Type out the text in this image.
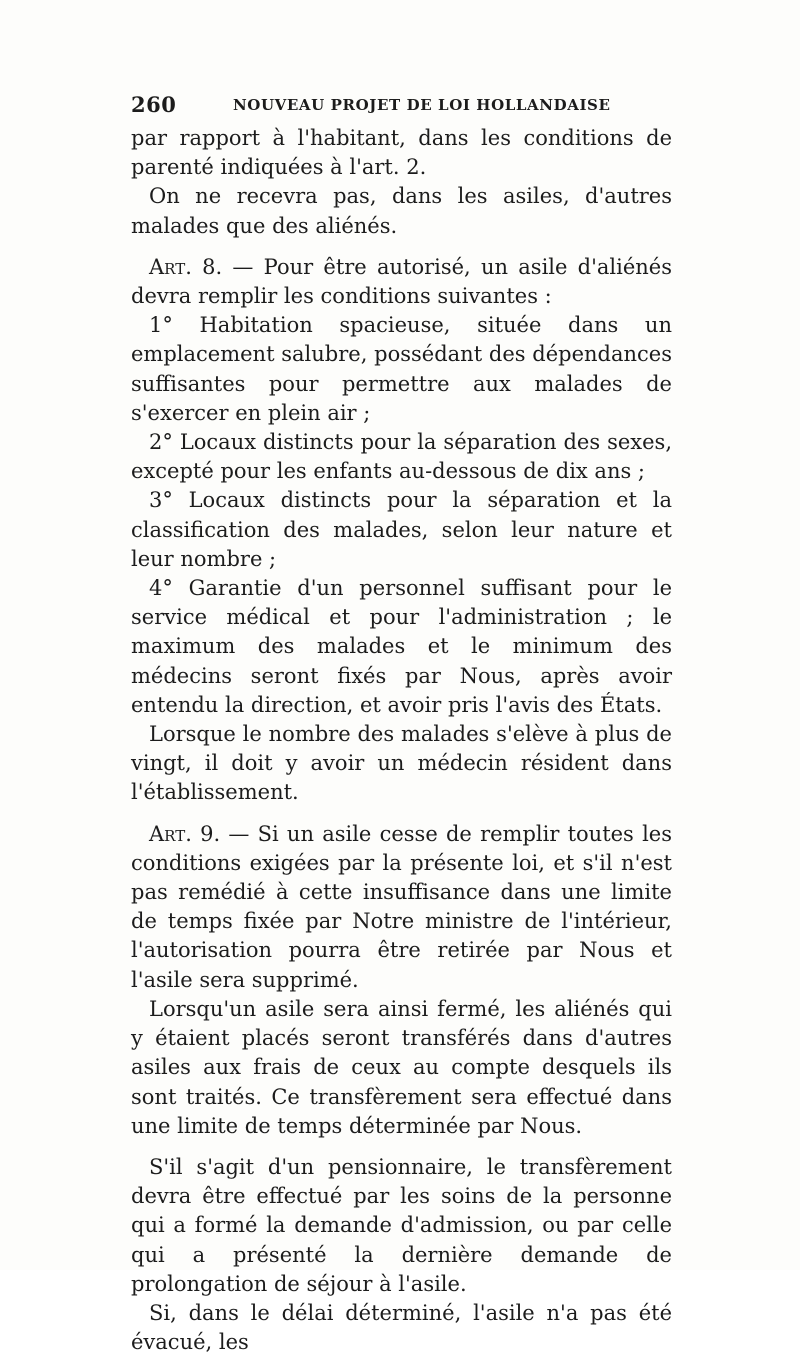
260	NOUVEAU PROJET DE LOI HOLLANDAISE

par rapport à l'habitant, dans les conditions de parenté indiquées à l'art. 2.

On ne recevra pas, dans les asiles, d'autres malades que des aliénés.

Art. 8. — Pour être autorisé, un asile d'aliénés devra remplir les conditions suivantes :

1° Habitation spacieuse, située dans un emplacement salubre, possédant des dépendances suffisantes pour permettre aux malades de s'exercer en plein air ;

2° Locaux distincts pour la séparation des sexes, excepté pour les enfants au-dessous de dix ans ;

3° Locaux distincts pour la séparation et la classification des malades, selon leur nature et leur nombre ;

4° Garantie d'un personnel suffisant pour le service médical et pour l'administration ; le maximum des malades et le minimum des médecins seront fixés par Nous, après avoir entendu la direction, et avoir pris l'avis des États.

Lorsque le nombre des malades s'elève à plus de vingt, il doit y avoir un médecin résident dans l'établissement.

Art. 9. — Si un asile cesse de remplir toutes les conditions exigées par la présente loi, et s'il n'est pas remédié à cette insuffisance dans une limite de temps fixée par Notre ministre de l'intérieur, l'autorisation pourra être retirée par Nous et l'asile sera supprimé.

Lorsqu'un asile sera ainsi fermé, les aliénés qui y étaient placés seront transférés dans d'autres asiles aux frais de ceux au compte desquels ils sont traités. Ce transfèrement sera effectué dans une limite de temps déterminée par Nous.

S'il s'agit d'un pensionnaire, le transfèrement devra être effectué par les soins de la personne qui a formé la demande d'admission, ou par celle qui a présenté la dernière demande de prolongation de séjour à l'asile.

Si, dans le délai déterminé, l'asile n'a pas été évacué, les
